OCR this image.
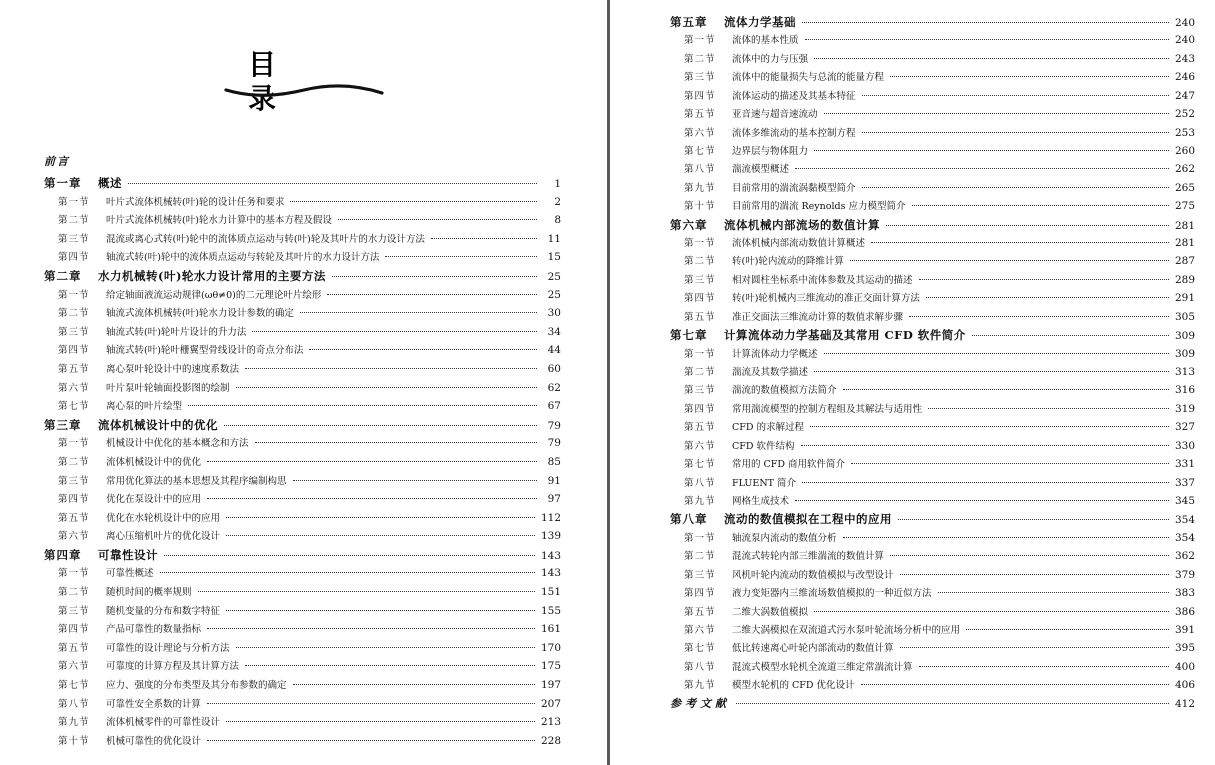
目录
前言
第一章	概述	1
第一节	叶片式流体机械转(叶)轮的设计任务和要求	2
第二节	叶片式流体机械转(叶)轮水力计算中的基本方程及假设	8
第三节	混流或离心式转(叶)轮中的流体质点运动与转(叶)轮及其叶片的水力设计方法	11
第四节	轴流式转(叶)轮中的流体质点运动与转轮及其叶片的水力设计方法	15
第二章	水力机械转(叶)轮水力设计常用的主要方法	25
第一节	给定轴面液流运动规律(ωθ≠0)的二元理论叶片绘形	25
第二节	轴流式流体机械转(叶)轮水力设计参数的确定	30
第三节	轴流式转(叶)轮叶片设计的升力法	34
第四节	轴流式转(叶)轮叶栅翼型骨线设计的奇点分布法	44
第五节	离心泵叶轮设计中的速度系数法	60
第六节	叶片泵叶轮轴面投影图的绘制	62
第七节	离心泵的叶片绘型	67
第三章	流体机械设计中的优化	79
第一节	机械设计中优化的基本概念和方法	79
第二节	流体机械设计中的优化	85
第三节	常用优化算法的基本思想及其程序编制构思	91
第四节	优化在泵设计中的应用	97
第五节	优化在水轮机设计中的应用	112
第六节	离心压缩机叶片的优化设计	139
第四章	可靠性设计	143
第一节	可靠性概述	143
第二节	随机时间的概率规则	151
第三节	随机变量的分布和数字特征	155
第四节	产品可靠性的数量指标	161
第五节	可靠性的设计理论与分析方法	170
第六节	可靠度的计算方程及其计算方法	175
第七节	应力、强度的分布类型及其分布参数的确定	197
第八节	可靠性安全系数的计算	207
第九节	流体机械零件的可靠性设计	213
第十节	机械可靠性的优化设计	228
第五章	流体力学基础	240
第一节	流体的基本性质	240
第二节	流体中的力与压强	243
第三节	流体中的能量损失与总流的能量方程	246
第四节	流体运动的描述及其基本特征	247
第五节	亚音速与超音速流动	252
第六节	流体多维流动的基本控制方程	253
第七节	边界层与物体阻力	260
第八节	湍流模型概述	262
第九节	目前常用的湍流涡黏模型简介	265
第十节	目前常用的湍流 Reynolds 应力模型简介	275
第六章	流体机械内部流场的数值计算	281
第一节	流体机械内部流动数值计算概述	281
第二节	转(叶)轮内流动的降维计算	287
第三节	相对圆柱坐标系中流体参数及其运动的描述	289
第四节	转(叶)轮机械内三维流动的准正交面计算方法	291
第五节	准正交面法三维流动计算的数值求解步骤	305
第七章	计算流体动力学基础及其常用 CFD 软件简介	309
第一节	计算流体动力学概述	309
第二节	湍流及其数学描述	313
第三节	湍流的数值模拟方法简介	316
第四节	常用湍流模型的控制方程组及其解法与适用性	319
第五节	CFD 的求解过程	327
第六节	CFD 软件结构	330
第七节	常用的 CFD 商用软件简介	331
第八节	FLUENT 简介	337
第九节	网格生成技术	345
第八章	流动的数值模拟在工程中的应用	354
第一节	轴流泵内流动的数值分析	354
第二节	混流式转轮内部三维湍流的数值计算	362
第三节	风机叶轮内流动的数值模拟与改型设计	379
第四节	液力变矩器内三维流场数值模拟的一种近似方法	383
第五节	二维大涡数值模拟	386
第六节	二维大涡模拟在双流道式污水泵叶轮流场分析中的应用	391
第七节	低比转速离心叶轮内部流动的数值计算	395
第八节	混流式模型水轮机全流道三维定常湍流计算	400
第九节	模型水轮机的 CFD 优化设计	406
参考文献	412
